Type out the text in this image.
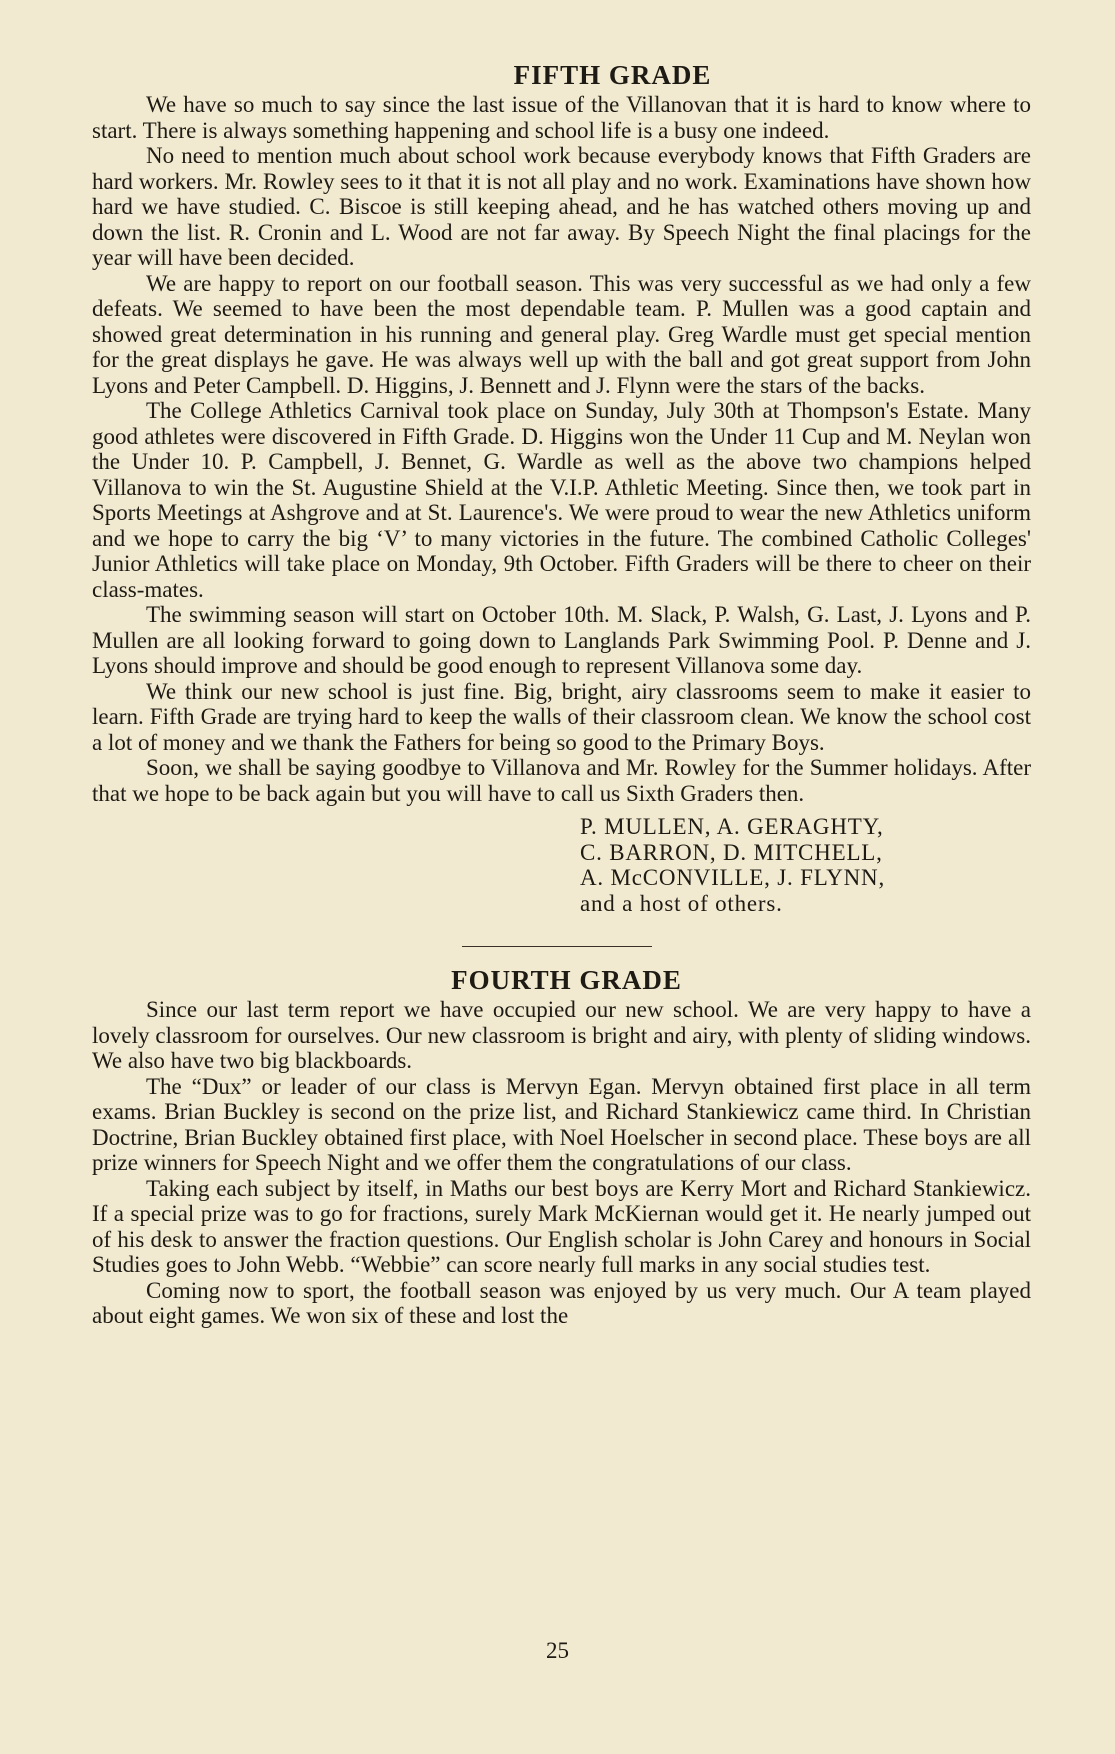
FIFTH GRADE

We have so much to say since the last issue of the Villanovan that it is hard to know where to start. There is always something happening and school life is a busy one indeed.

No need to mention much about school work because everybody knows that Fifth Graders are hard workers. Mr. Rowley sees to it that it is not all play and no work. Examinations have shown how hard we have studied. C. Biscoe is still keeping ahead, and he has watched others moving up and down the list. R. Cronin and L. Wood are not far away. By Speech Night the final placings for the year will have been decided.

We are happy to report on our football season. This was very successful as we had only a few defeats. We seemed to have been the most dependable team. P. Mullen was a good captain and showed great determination in his running and general play. Greg Wardle must get special mention for the great displays he gave. He was always well up with the ball and got great support from John Lyons and Peter Campbell. D. Higgins, J. Bennett and J. Flynn were the stars of the backs.

The College Athletics Carnival took place on Sunday, July 30th at Thompson's Estate. Many good athletes were discovered in Fifth Grade. D. Higgins won the Under 11 Cup and M. Neylan won the Under 10. P. Campbell, J. Bennet, G. Wardle as well as the above two champions helped Villanova to win the St. Augustine Shield at the V.I.P. Athletic Meeting. Since then, we took part in Sports Meetings at Ashgrove and at St. Laurence's. We were proud to wear the new Athletics uniform and we hope to carry the big ‘V’ to many victories in the future. The combined Catholic Colleges' Junior Athletics will take place on Monday, 9th October. Fifth Graders will be there to cheer on their class-mates.

The swimming season will start on October 10th. M. Slack, P. Walsh, G. Last, J. Lyons and P. Mullen are all looking forward to going down to Langlands Park Swimming Pool. P. Denne and J. Lyons should improve and should be good enough to represent Villanova some day.

We think our new school is just fine. Big, bright, airy classrooms seem to make it easier to learn. Fifth Grade are trying hard to keep the walls of their classroom clean. We know the school cost a lot of money and we thank the Fathers for being so good to the Primary Boys.

Soon, we shall be saying goodbye to Villanova and Mr. Rowley for the Summer holidays. After that we hope to be back again but you will have to call us Sixth Graders then.

P. MULLEN, A. GERAGHTY,
C. BARRON, D. MITCHELL,
A. McCONVILLE, J. FLYNN,
and a host of others.
FOURTH GRADE

Since our last term report we have occupied our new school. We are very happy to have a lovely classroom for ourselves. Our new classroom is bright and airy, with plenty of sliding windows. We also have two big blackboards.

The “Dux” or leader of our class is Mervyn Egan. Mervyn obtained first place in all term exams. Brian Buckley is second on the prize list, and Richard Stankiewicz came third. In Christian Doctrine, Brian Buckley obtained first place, with Noel Hoelscher in second place. These boys are all prize winners for Speech Night and we offer them the congratulations of our class.

Taking each subject by itself, in Maths our best boys are Kerry Mort and Richard Stankiewicz. If a special prize was to go for fractions, surely Mark McKiernan would get it. He nearly jumped out of his desk to answer the fraction questions. Our English scholar is John Carey and honours in Social Studies goes to John Webb. “Webbie” can score nearly full marks in any social studies test.

Coming now to sport, the football season was enjoyed by us very much. Our A team played about eight games. We won six of these and lost the

25
